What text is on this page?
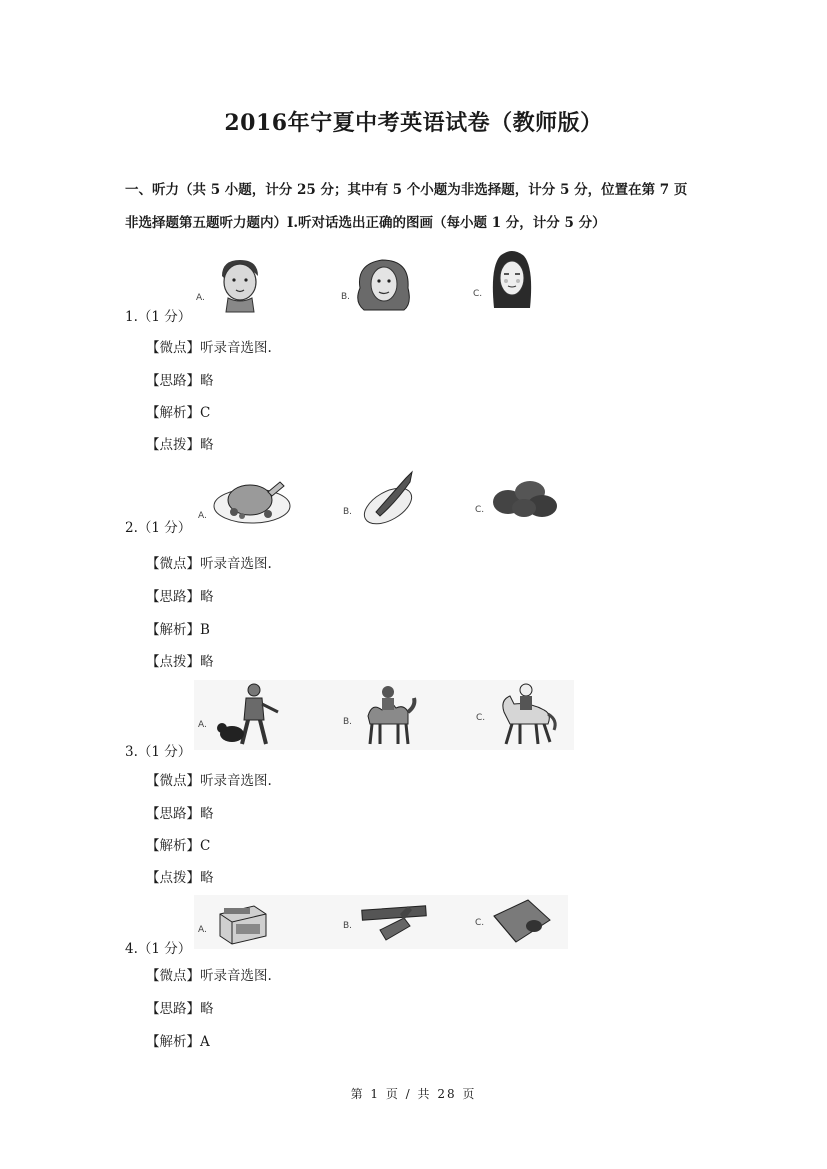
2016年宁夏中考英语试卷（教师版）
一、听力（共 5 小题，计分 25 分；其中有 5 个小题为非选择题，计分 5 分，位置在第 7 页
非选择题第五题听力题内）Ⅰ.听对话选出正确的图画（每小题 1 分，计分 5 分）
A.	B.	C.
1.（1 分）
【微点】听录音选图.
【思路】略
【解析】C
【点拨】略
A.	B.	C.
2.（1 分）
【微点】听录音选图.
【思路】略
【解析】B
【点拨】略
A.	B.	C.
3.（1 分）
【微点】听录音选图.
【思路】略
【解析】C
【点拨】略
A.	B.	C.
4.（1 分）
【微点】听录音选图.
【思路】略
【解析】A
第 1 页 / 共 28 页
